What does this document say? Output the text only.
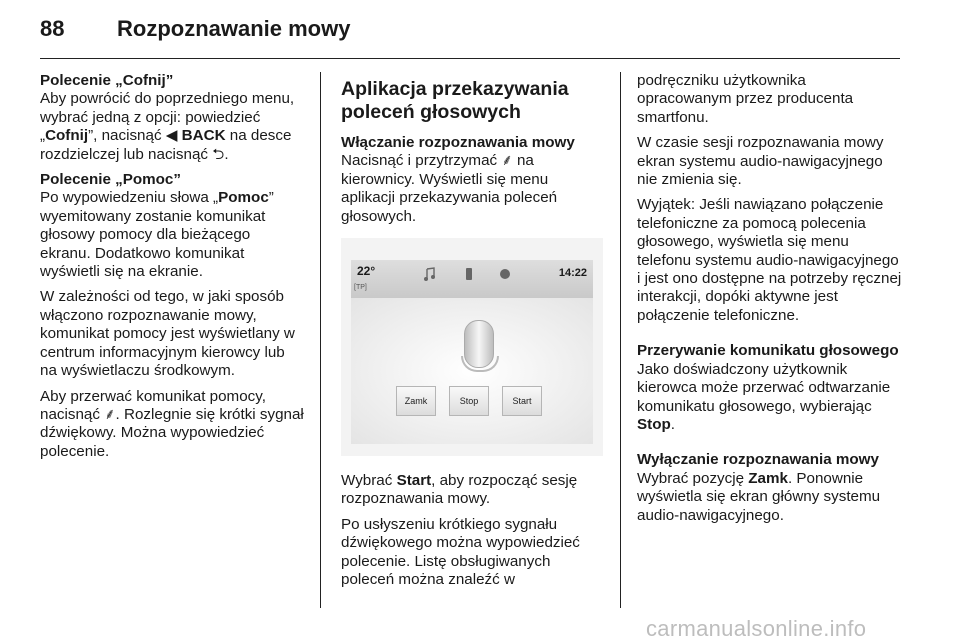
88 Rozpoznawanie mowy

Polecenie „Cofnij”

Aby powrócić do poprzedniego menu, wybrać jedną z opcji: powiedzieć „Cofnij”, nacisnąć ◀ BACK na desce rozdzielczej lub nacisnąć ⮌.

Polecenie „Pomoc”

Po wypowiedzeniu słowa „Pomoc” wyemitowany zostanie komunikat głosowy pomocy dla bieżącego ekranu. Dodatkowo komunikat wyświetli się na ekranie.

W zależności od tego, w jaki sposób włączono rozpoznawanie mowy, komunikat pomocy jest wyświetlany w centrum informacyjnym kierowcy lub na wyświetlaczu środkowym.

Aby przerwać komunikat pomocy, nacisnąć ⸙. Rozlegnie się krótki sygnał dźwiękowy. Można wypowiedzieć polecenie.

Aplikacja przekazywania poleceń głosowych

Włączanie rozpoznawania mowy

Nacisnąć i przytrzymać ⸙ na kierownicy. Wyświetli się menu aplikacji przekazywania poleceń głosowych.

22°
[TP]
14:22
Zamk	Stop	Start

Wybrać Start, aby rozpocząć sesję rozpoznawania mowy.

Po usłyszeniu krótkiego sygnału dźwiękowego można wypowiedzieć polecenie. Listę obsługiwanych poleceń można znaleźć w

podręczniku użytkownika opracowanym przez producenta smartfonu.

W czasie sesji rozpoznawania mowy ekran systemu audio-nawigacyjnego nie zmienia się.

Wyjątek: Jeśli nawiązano połączenie telefoniczne za pomocą polecenia głosowego, wyświetla się menu telefonu systemu audio-nawigacyjnego i jest ono dostępne na potrzeby ręcznej interakcji, dopóki aktywne jest połączenie telefoniczne.

Przerywanie komunikatu głosowego

Jako doświadczony użytkownik kierowca może przerwać odtwarzanie komunikatu głosowego, wybierając Stop.

Wyłączanie rozpoznawania mowy

Wybrać pozycję Zamk. Ponownie wyświetla się ekran główny systemu audio-nawigacyjnego.

carmanualsonline.info
